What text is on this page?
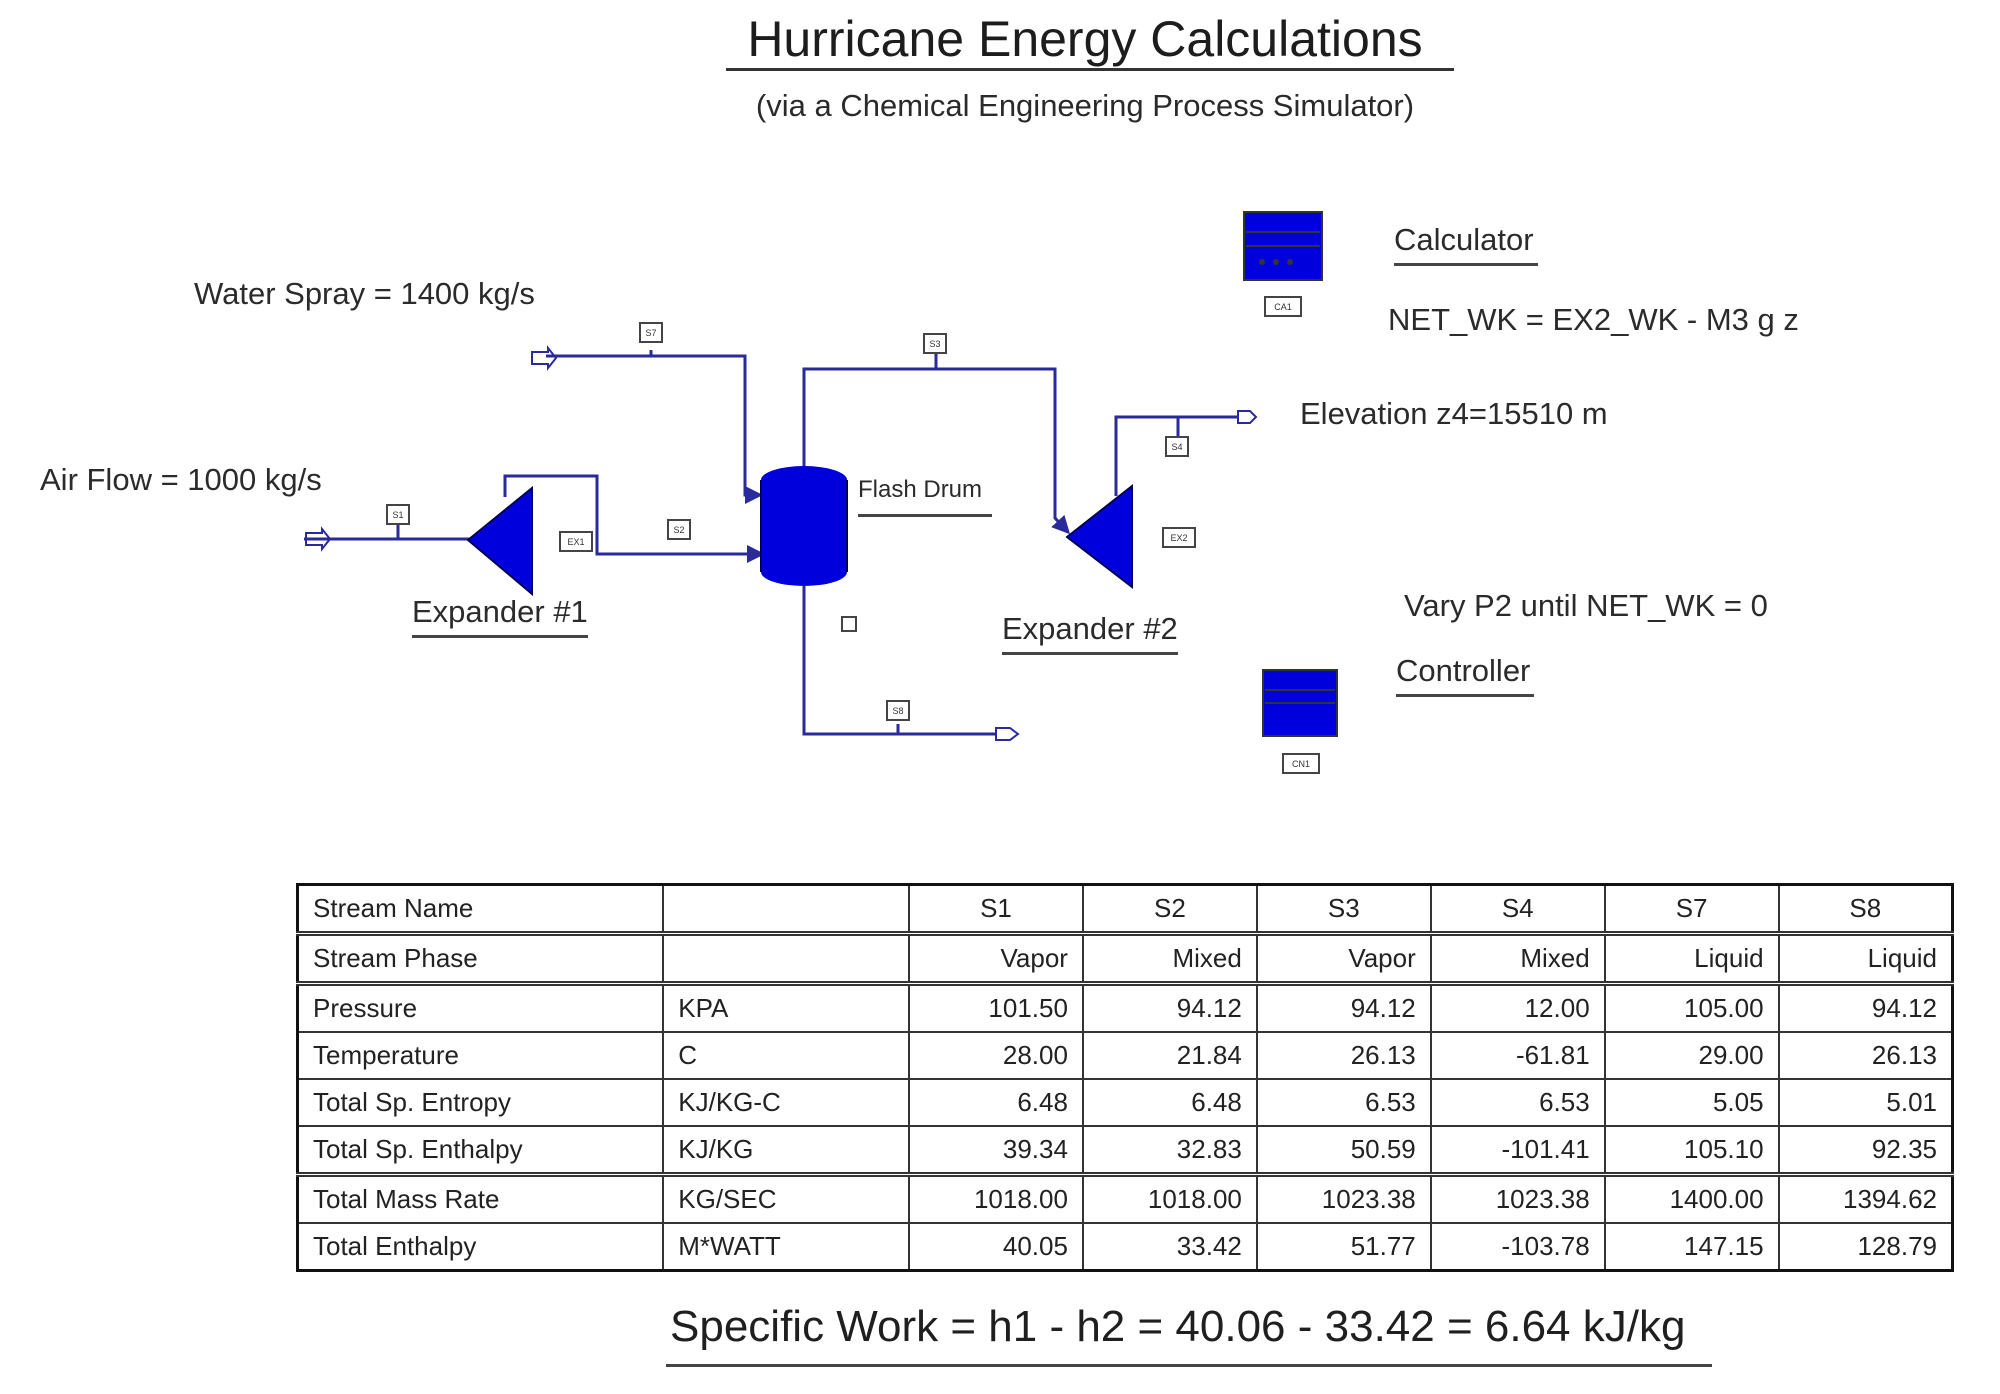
Hurricane Energy Calculations
(via a Chemical Engineering Process Simulator)
S1
S7
S2
S3
S4
S8
EX1	EX2
CA1
CN1
Water Spray = 1400 kg/s
Air Flow = 1000 kg/s
Expander #1	Expander #2
Flash Drum
Elevation z4=15510 m
Calculator
NET_WK = EX2_WK - M3 g z
Vary P2 until NET_WK = 0
Controller
Stream Name		S1	S2	S3	S4	S7	S8
Stream Phase		Vapor	Mixed	Vapor	Mixed	Liquid	Liquid
Pressure	KPA	101.50	94.12	94.12	12.00	105.00	94.12
Temperature	C	28.00	21.84	26.13	-61.81	29.00	26.13
Total Sp. Entropy	KJ/KG-C	6.48	6.48	6.53	6.53	5.05	5.01
Total Sp. Enthalpy	KJ/KG	39.34	32.83	50.59	-101.41	105.10	92.35
Total Mass Rate	KG/SEC	1018.00	1018.00	1023.38	1023.38	1400.00	1394.62
Total Enthalpy	M*WATT	40.05	33.42	51.77	-103.78	147.15	128.79
Specific Work = h1 - h2 = 40.06 - 33.42 = 6.64 kJ/kg
